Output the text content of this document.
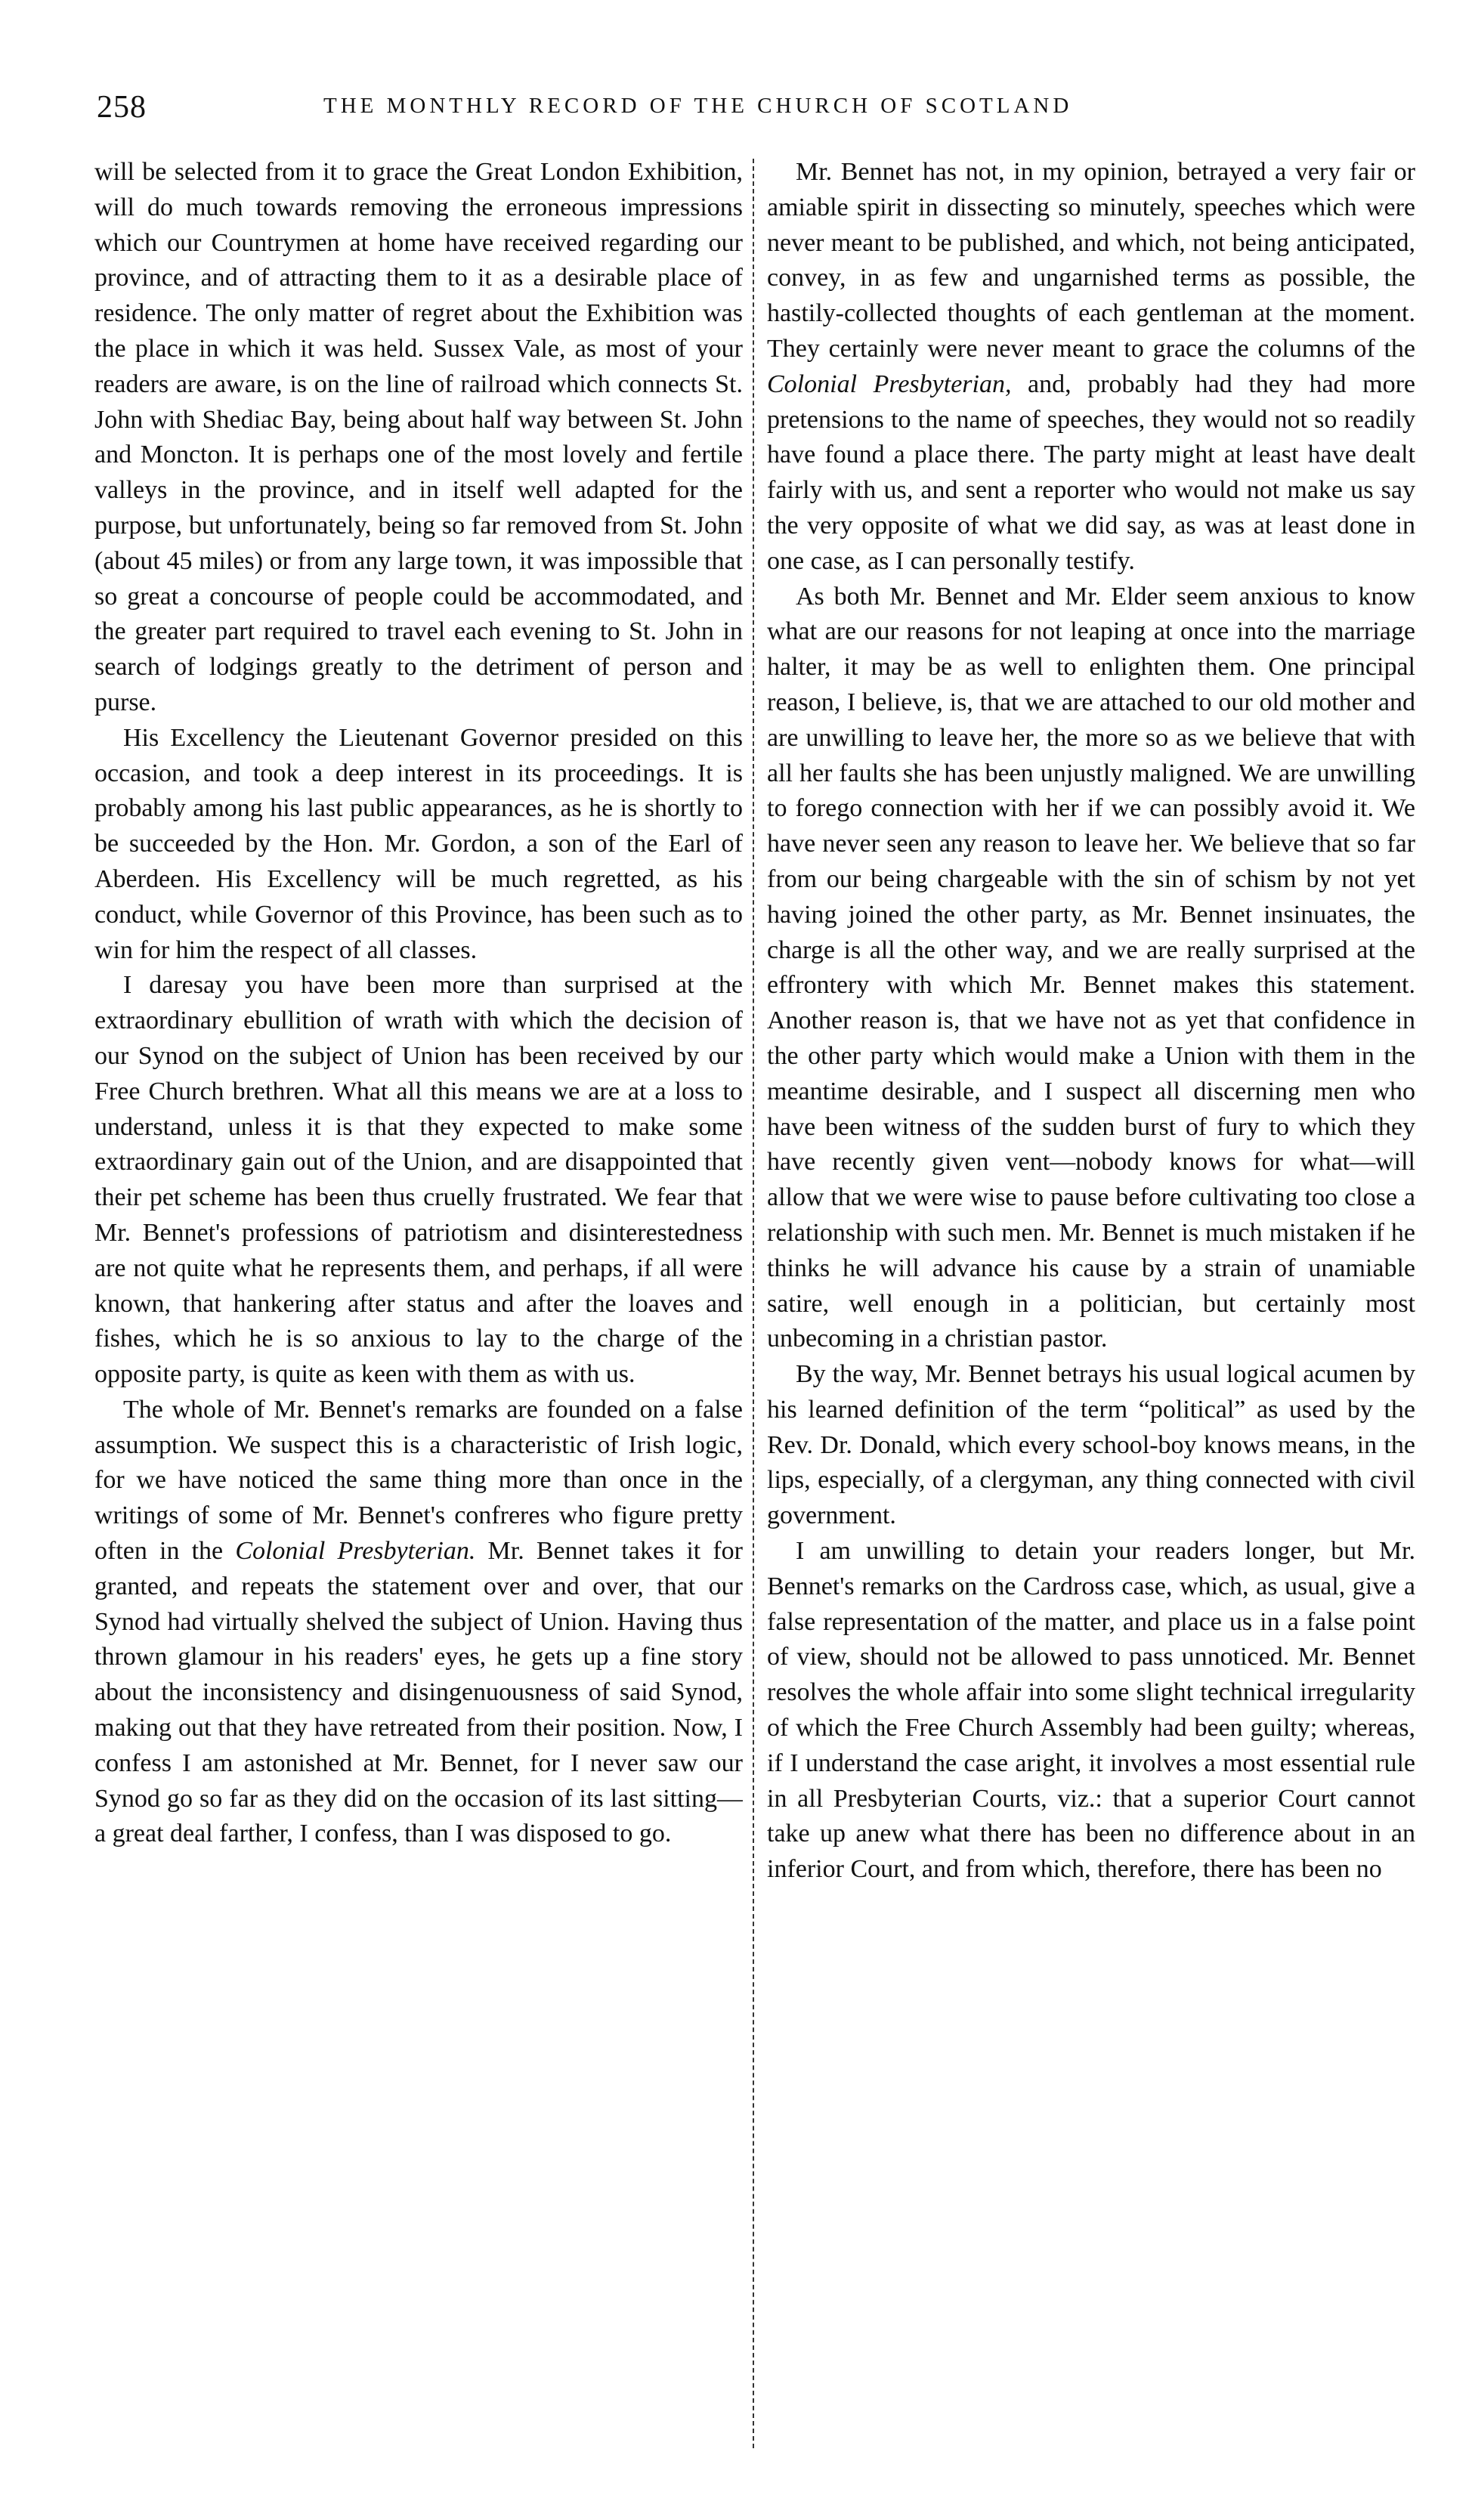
258	THE MONTHLY RECORD OF THE CHURCH OF SCOTLAND

will be selected from it to grace the Great London Exhibition, will do much towards removing the erroneous impressions which our Countrymen at home have received regarding our province, and of attracting them to it as a desirable place of residence. The only matter of regret about the Exhibition was the place in which it was held. Sussex Vale, as most of your readers are aware, is on the line of railroad which connects St. John with Shediac Bay, being about half way between St. John and Moncton. It is perhaps one of the most lovely and fertile valleys in the province, and in itself well adapted for the purpose, but unfortunately, being so far removed from St. John (about 45 miles) or from any large town, it was impossible that so great a concourse of people could be accommodated, and the greater part required to travel each evening to St. John in search of lodgings greatly to the detriment of person and purse.

His Excellency the Lieutenant Governor presided on this occasion, and took a deep interest in its proceedings. It is probably among his last public appearances, as he is shortly to be succeeded by the Hon. Mr. Gordon, a son of the Earl of Aberdeen. His Excellency will be much regretted, as his conduct, while Governor of this Province, has been such as to win for him the respect of all classes.

I daresay you have been more than surprised at the extraordinary ebullition of wrath with which the decision of our Synod on the subject of Union has been received by our Free Church brethren. What all this means we are at a loss to understand, unless it is that they expected to make some extraordinary gain out of the Union, and are disappointed that their pet scheme has been thus cruelly frustrated. We fear that Mr. Bennet's professions of patriotism and disinterestedness are not quite what he represents them, and perhaps, if all were known, that hankering after status and after the loaves and fishes, which he is so anxious to lay to the charge of the opposite party, is quite as keen with them as with us.

The whole of Mr. Bennet's remarks are founded on a false assumption. We suspect this is a characteristic of Irish logic, for we have noticed the same thing more than once in the writings of some of Mr. Bennet's confreres who figure pretty often in the Colonial Presbyterian. Mr. Bennet takes it for granted, and repeats the statement over and over, that our Synod had virtually shelved the subject of Union. Having thus thrown glamour in his readers' eyes, he gets up a fine story about the inconsistency and disingenuousness of said Synod, making out that they have retreated from their position. Now, I confess I am astonished at Mr. Bennet, for I never saw our Synod go so far as they did on the occasion of its last sitting—a great deal farther, I confess, than I was disposed to go.

Mr. Bennet has not, in my opinion, betrayed a very fair or amiable spirit in dissecting so minutely, speeches which were never meant to be published, and which, not being anticipated, convey, in as few and ungarnished terms as possible, the hastily-collected thoughts of each gentleman at the moment. They certainly were never meant to grace the columns of the Colonial Presbyterian, and, probably had they had more pretensions to the name of speeches, they would not so readily have found a place there. The party might at least have dealt fairly with us, and sent a reporter who would not make us say the very opposite of what we did say, as was at least done in one case, as I can personally testify.

As both Mr. Bennet and Mr. Elder seem anxious to know what are our reasons for not leaping at once into the marriage halter, it may be as well to enlighten them. One principal reason, I believe, is, that we are attached to our old mother and are unwilling to leave her, the more so as we believe that with all her faults she has been unjustly maligned. We are unwilling to forego connection with her if we can possibly avoid it. We have never seen any reason to leave her. We believe that so far from our being chargeable with the sin of schism by not yet having joined the other party, as Mr. Bennet insinuates, the charge is all the other way, and we are really surprised at the effrontery with which Mr. Bennet makes this statement. Another reason is, that we have not as yet that confidence in the other party which would make a Union with them in the meantime desirable, and I suspect all discerning men who have been witness of the sudden burst of fury to which they have recently given vent—nobody knows for what—will allow that we were wise to pause before cultivating too close a relationship with such men. Mr. Bennet is much mistaken if he thinks he will advance his cause by a strain of unamiable satire, well enough in a politician, but certainly most unbecoming in a christian pastor.

By the way, Mr. Bennet betrays his usual logical acumen by his learned definition of the term “political” as used by the Rev. Dr. Donald, which every school-boy knows means, in the lips, especially, of a clergyman, any thing connected with civil government.

I am unwilling to detain your readers longer, but Mr. Bennet's remarks on the Cardross case, which, as usual, give a false representation of the matter, and place us in a false point of view, should not be allowed to pass unnoticed. Mr. Bennet resolves the whole affair into some slight technical irregularity of which the Free Church Assembly had been guilty; whereas, if I understand the case aright, it involves a most essential rule in all Presbyterian Courts, viz.: that a superior Court cannot take up anew what there has been no difference about in an inferior Court, and from which, therefore, there has been no
